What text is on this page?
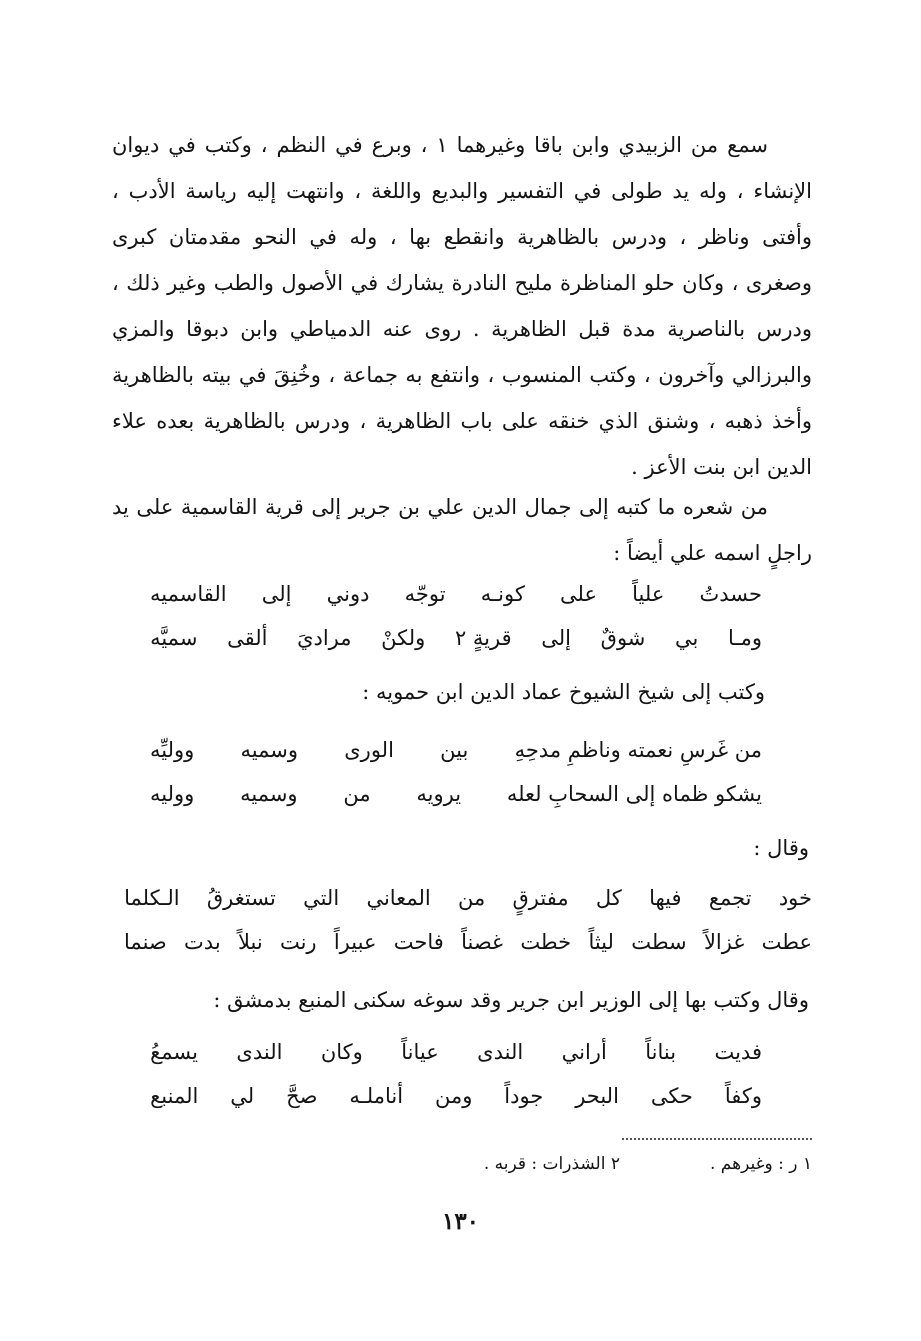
سمع من الزبيدي وابن باقا وغيرهما ١ ، وبرع في النظم ، وكتب في ديوان الإنشاء ، وله يد طولى في التفسير والبديع واللغة ، وانتهت إليه رياسة الأدب ، وأفتى وناظر ، ودرس بالظاهرية وانقطع بها ، وله في النحو مقدمتان كبرى وصغرى ، وكان حلو المناظرة مليح النادرة يشارك في الأصول والطب وغير ذلك ، ودرس بالناصرية مدة قبل الظاهرية . روى عنه الدمياطي وابن دبوقا والمزي والبرزالي وآخرون ، وكتب المنسوب ، وانتفع به جماعة ، وخُنِقَ في بيته بالظاهرية وأخذ ذهبه ، وشنق الذي خنقه على باب الظاهرية ، ودرس بالظاهرية بعده علاء الدين ابن بنت الأعز .

من شعره ما كتبه إلى جمال الدين علي بن جرير إلى قرية القاسمية على يد راجلٍ اسمه علي أيضاً :

حسدتُ
علياً
على
كونـه
توجّه
دوني
إلى
القاسميه
ومـا
بي
شوقٌ
إلى
قريةٍ ٢
ولكنْ
مراديَ
ألقى
سميَّه
وكتب إلى شيخ الشيوخ عماد الدين ابن حمويه :
من غَرسِ نعمته وناظمِ مدحِهِ
بين
الورى
وسميه
ووليِّه
يشكو ظماه إلى السحابِ لعله
يرويه
من
وسميه
ووليه
وقال :
خود
تجمع
فيها
كل
مفترقٍ
من
المعاني
التي
تستغرقُ
الـكلما
عطت
غزالاً
سطت
ليثاً
خطت
غصناً
فاحت
عبيراً
رنت
نبلاً
بدت
صنما
وقال وكتب بها إلى الوزير ابن جرير وقد سوغه سكنى المنبع بدمشق :
فديت
بناناً
أراني
الندى
عياناً
وكان
الندى
يسمعُ
وكفاً
حكى
البحر
جوداً
ومن
أناملـه
صحَّ
لي
المنبع
١ ر : وغيرهم .
٢ الشذرات : قربه .
١٣٠
